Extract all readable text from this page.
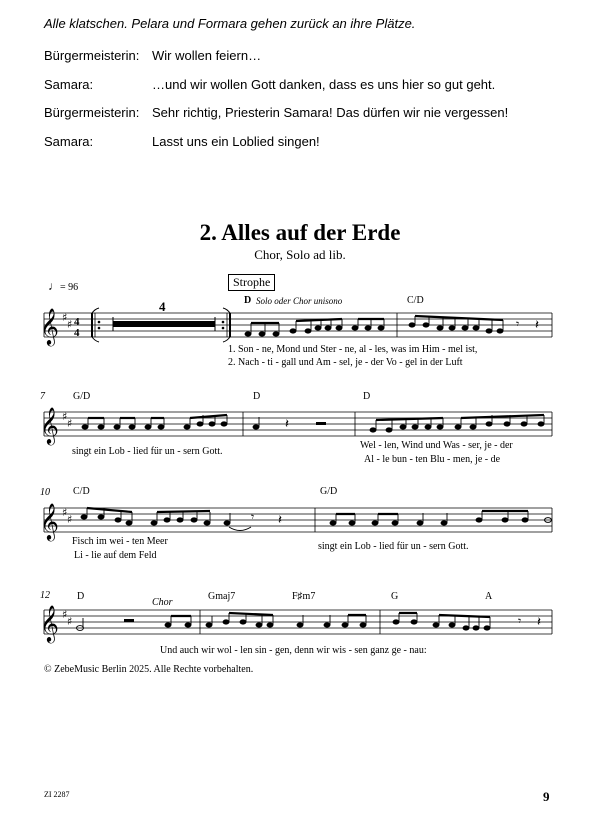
Alle klatschen. Pelara und Formara gehen zurück an ihre Plätze.
Bürgermeisterin: Wir wollen feiern…
Samara:	…und wir wollen Gott danken, dass es uns hier so gut geht.
Bürgermeisterin: Sehr richtig, Priesterin Samara! Das dürfen wir nie vergessen!
Samara:	Lasst uns ein Loblied singen!
2. Alles auf der Erde
Chor, Solo ad lib.
♩= 96	Strophe
𝄞 ♯
♯ 4
4
𝄾 𝄽
4	D	C/D
Solo oder Chor unisono
1. Son - ne, Mond und Ster - ne, al - les, was im Him - mel ist,
2. Nach - ti - gall und Am - sel, je - der Vo - gel in der Luft
7
𝄞 ♯
♯	𝄽
G/D	D	D
singt ein Lob - lied für un - sern Gott.
Wel - len, Wind und Was - ser, je - der
Al - le bun - ten Blu - men, je - de
10
𝄞 ♯
♯	𝄾 𝄽
C/D	G/D
Fisch im wei - ten Meer
Li - lie auf dem Feld
singt ein Lob - lied für un - sern Gott.
12
𝄞 ♯
♯	𝄾 𝄽
D	Gmaj7	F♯m7	G	A
Chor
Und auch wir wol - len sin - gen, denn wir wis - sen ganz ge - nau:
© ZebeMusic Berlin 2025. Alle Rechte vorbehalten.
ZI 2287	9
